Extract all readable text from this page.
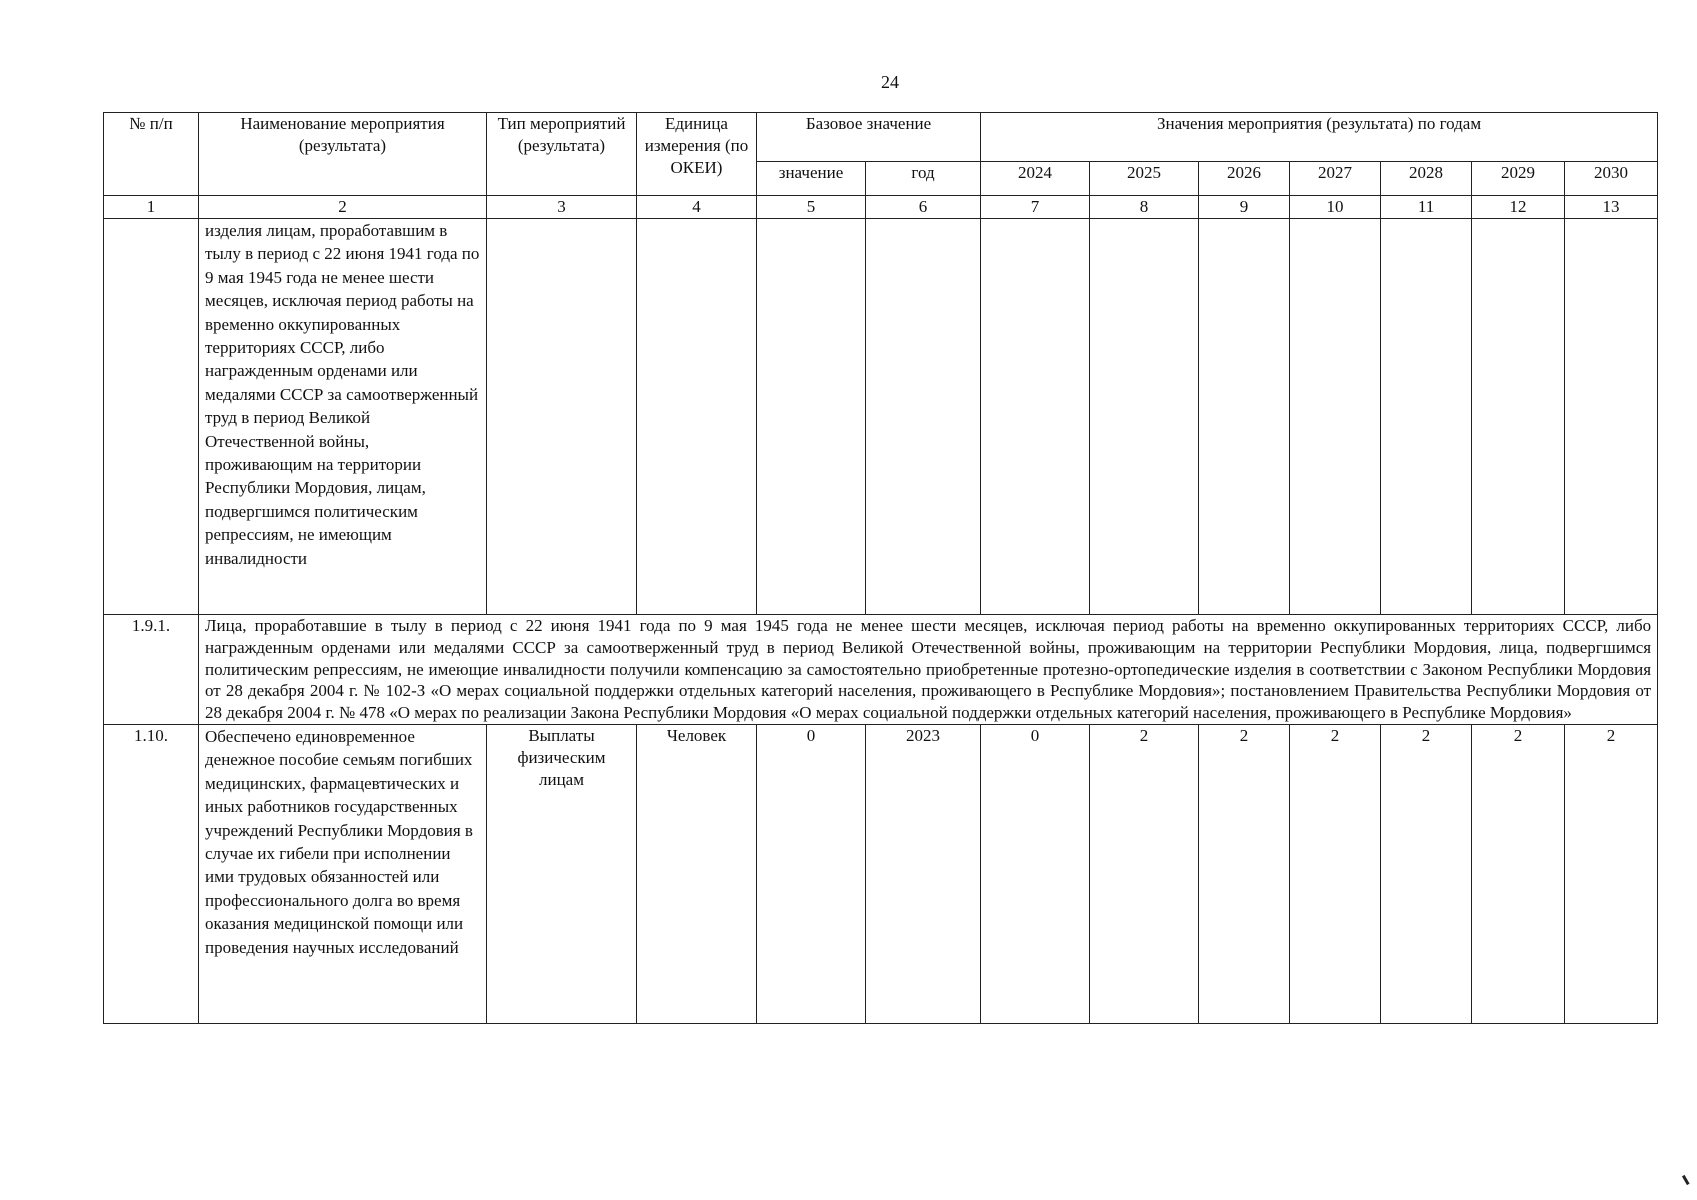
24
№ п/п	Наименование мероприятия (результата)	Тип мероприятий (результата)	Единица измерения (по ОКЕИ)	Базовое значение		Значения мероприятия (результата) по годам						
				значение	год	2024	2025	2026	2027	2028	2029	2030
1	2	3	4	5	6	7	8	9	10	11	12	13
	изделия лицам, проработавшим в тылу в период с 22 июня 1941 года по 9 мая 1945 года не менее шести месяцев, исключая период работы на временно оккупированных территориях СССР, либо награжденным орденами или медалями СССР за самоотверженный труд в период Великой Отечественной войны, проживающим на территории Республики Мордовия, лицам, подвергшимся политическим репрессиям, не имеющим инвалидности											
1.9.1.	Лица, проработавшие в тылу в период с 22 июня 1941 года по 9 мая 1945 года не менее шести месяцев, исключая период работы на временно оккупированных территориях СССР, либо награжденным орденами или медалями СССР за самоотверженный труд в период Великой Отечественной войны, проживающим на территории Республики Мордовия, лица, подвергшимся политическим репрессиям, не имеющие инвалидности получили компенсацию за самостоятельно приобретенные протезно-ортопедические изделия в соответствии с Законом Республики Мордовия от 28 декабря 2004 г. № 102-З «О мерах социальной поддержки отдельных категорий населения, проживающего в Республике Мордовия»; постановлением Правительства Республики Мордовия от 28 декабря 2004 г. № 478 «О мерах по реализации Закона Республики Мордовия «О мерах социальной поддержки отдельных категорий населения, проживающего в Республике Мордовия»											
1.10.	Обеспечено единовременное денежное пособие семьям погибших медицинских, фармацевтических и иных работников государственных учреждений Республики Мордовия в случае их гибели при исполнении ими трудовых обязанностей или профессионального долга во время оказания медицинской помощи или проведения научных исследований	Выплаты физическим лицам	Человек	0	2023	0	2	2	2	2	2	2
